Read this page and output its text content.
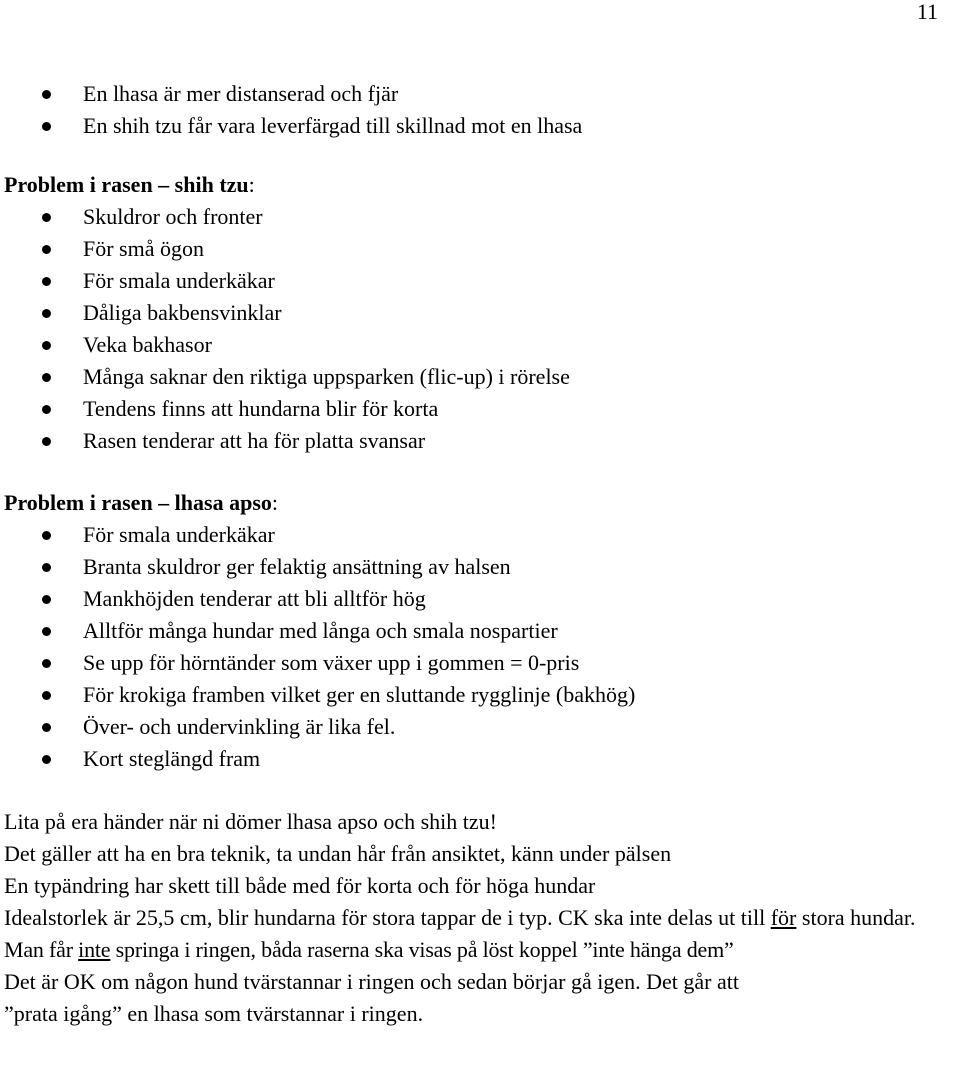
11
En lhasa är mer distanserad och fjär
En shih tzu får vara leverfärgad till skillnad mot en lhasa
Problem i rasen – shih tzu:
Skuldror och fronter
För små ögon
För smala underkäkar
Dåliga bakbensvinklar
Veka bakhasor
Många saknar den riktiga uppsparken (flic-up) i rörelse
Tendens finns att hundarna blir för korta
Rasen tenderar att ha för platta svansar
Problem i rasen – lhasa apso:
För smala underkäkar
Branta skuldror ger felaktig ansättning av halsen
Mankhöjden tenderar att bli alltför hög
Alltför många hundar med långa och smala nospartier
Se upp för hörntänder som växer upp i gommen = 0-pris
För krokiga framben vilket ger en sluttande rygglinje (bakhög)
Över- och undervinkling är lika fel.
Kort steglängd fram
Lita på era händer när ni dömer lhasa apso och shih tzu!
Det gäller att ha en bra teknik, ta undan hår från ansiktet, känn under pälsen
En typändring har skett till både med för korta och för höga hundar
Idealstorlek är 25,5 cm, blir hundarna för stora tappar de i typ. CK ska inte delas ut till för stora hundar.
Man får inte springa i ringen, båda raserna ska visas på löst koppel ”inte hänga dem”
Det är OK om någon hund tvärstannar i ringen och sedan börjar gå igen. Det går att
”prata igång” en lhasa som tvärstannar i ringen.
